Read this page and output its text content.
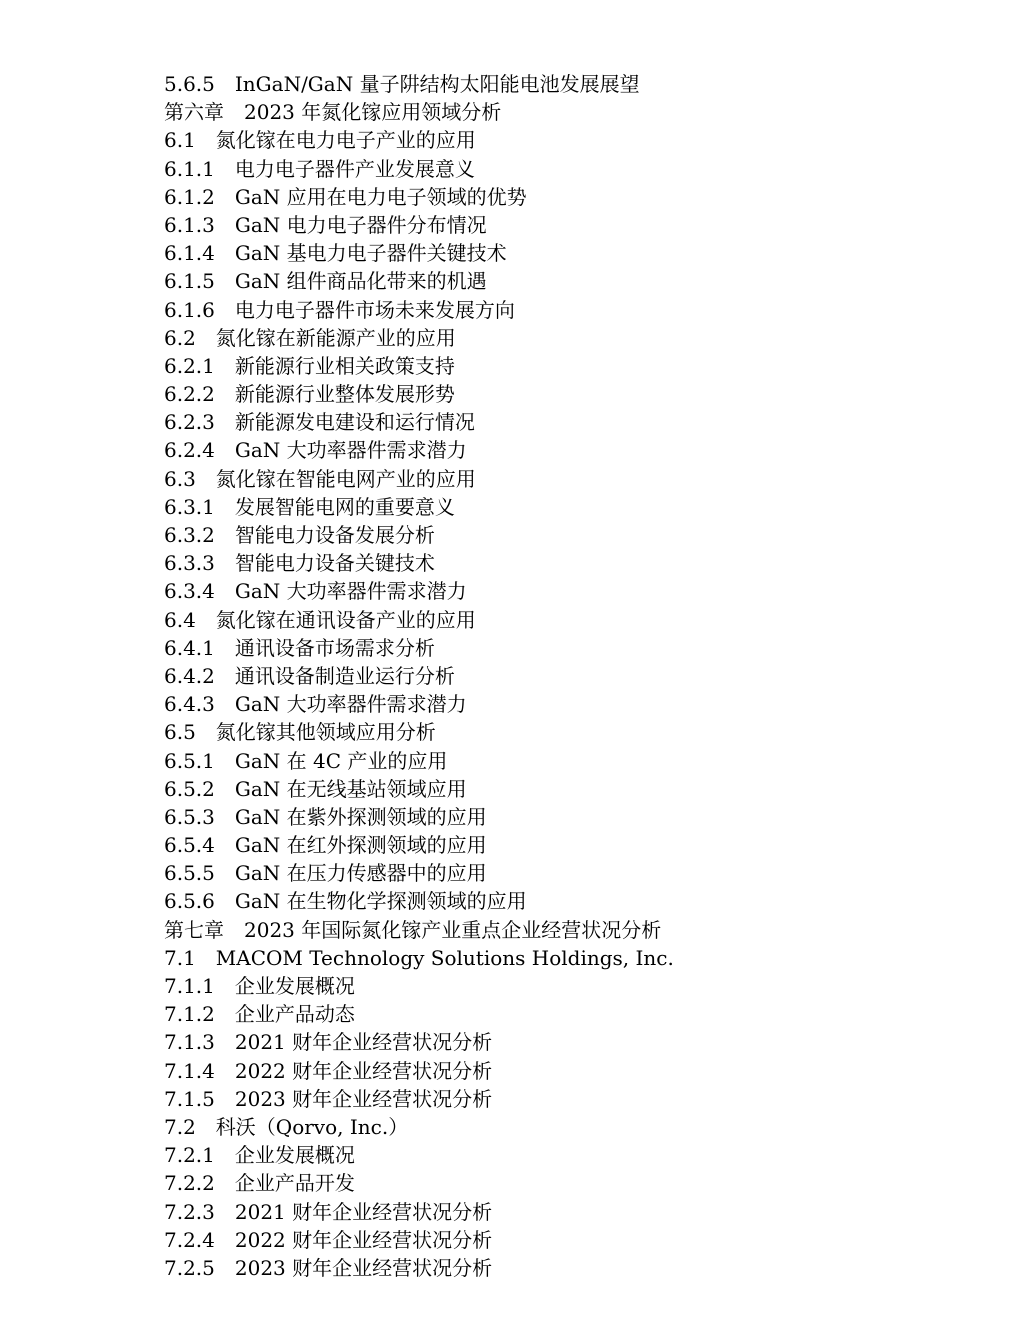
5.6.5　InGaN/GaN 量子阱结构太阳能电池发展展望
第六章　2023 年氮化镓应用领域分析
6.1　氮化镓在电力电子产业的应用
6.1.1　电力电子器件产业发展意义
6.1.2　GaN 应用在电力电子领域的优势
6.1.3　GaN 电力电子器件分布情况
6.1.4　GaN 基电力电子器件关键技术
6.1.5　GaN 组件商品化带来的机遇
6.1.6　电力电子器件市场未来发展方向
6.2　氮化镓在新能源产业的应用
6.2.1　新能源行业相关政策支持
6.2.2　新能源行业整体发展形势
6.2.3　新能源发电建设和运行情况
6.2.4　GaN 大功率器件需求潜力
6.3　氮化镓在智能电网产业的应用
6.3.1　发展智能电网的重要意义
6.3.2　智能电力设备发展分析
6.3.3　智能电力设备关键技术
6.3.4　GaN 大功率器件需求潜力
6.4　氮化镓在通讯设备产业的应用
6.4.1　通讯设备市场需求分析
6.4.2　通讯设备制造业运行分析
6.4.3　GaN 大功率器件需求潜力
6.5　氮化镓其他领域应用分析
6.5.1　GaN 在 4C 产业的应用
6.5.2　GaN 在无线基站领域应用
6.5.3　GaN 在紫外探测领域的应用
6.5.4　GaN 在红外探测领域的应用
6.5.5　GaN 在压力传感器中的应用
6.5.6　GaN 在生物化学探测领域的应用
第七章　2023 年国际氮化镓产业重点企业经营状况分析
7.1　MACOM Technology Solutions Holdings, Inc.
7.1.1　企业发展概况
7.1.2　企业产品动态
7.1.3　2021 财年企业经营状况分析
7.1.4　2022 财年企业经营状况分析
7.1.5　2023 财年企业经营状况分析
7.2　科沃（Qorvo, Inc.）
7.2.1　企业发展概况
7.2.2　企业产品开发
7.2.3　2021 财年企业经营状况分析
7.2.4　2022 财年企业经营状况分析
7.2.5　2023 财年企业经营状况分析
